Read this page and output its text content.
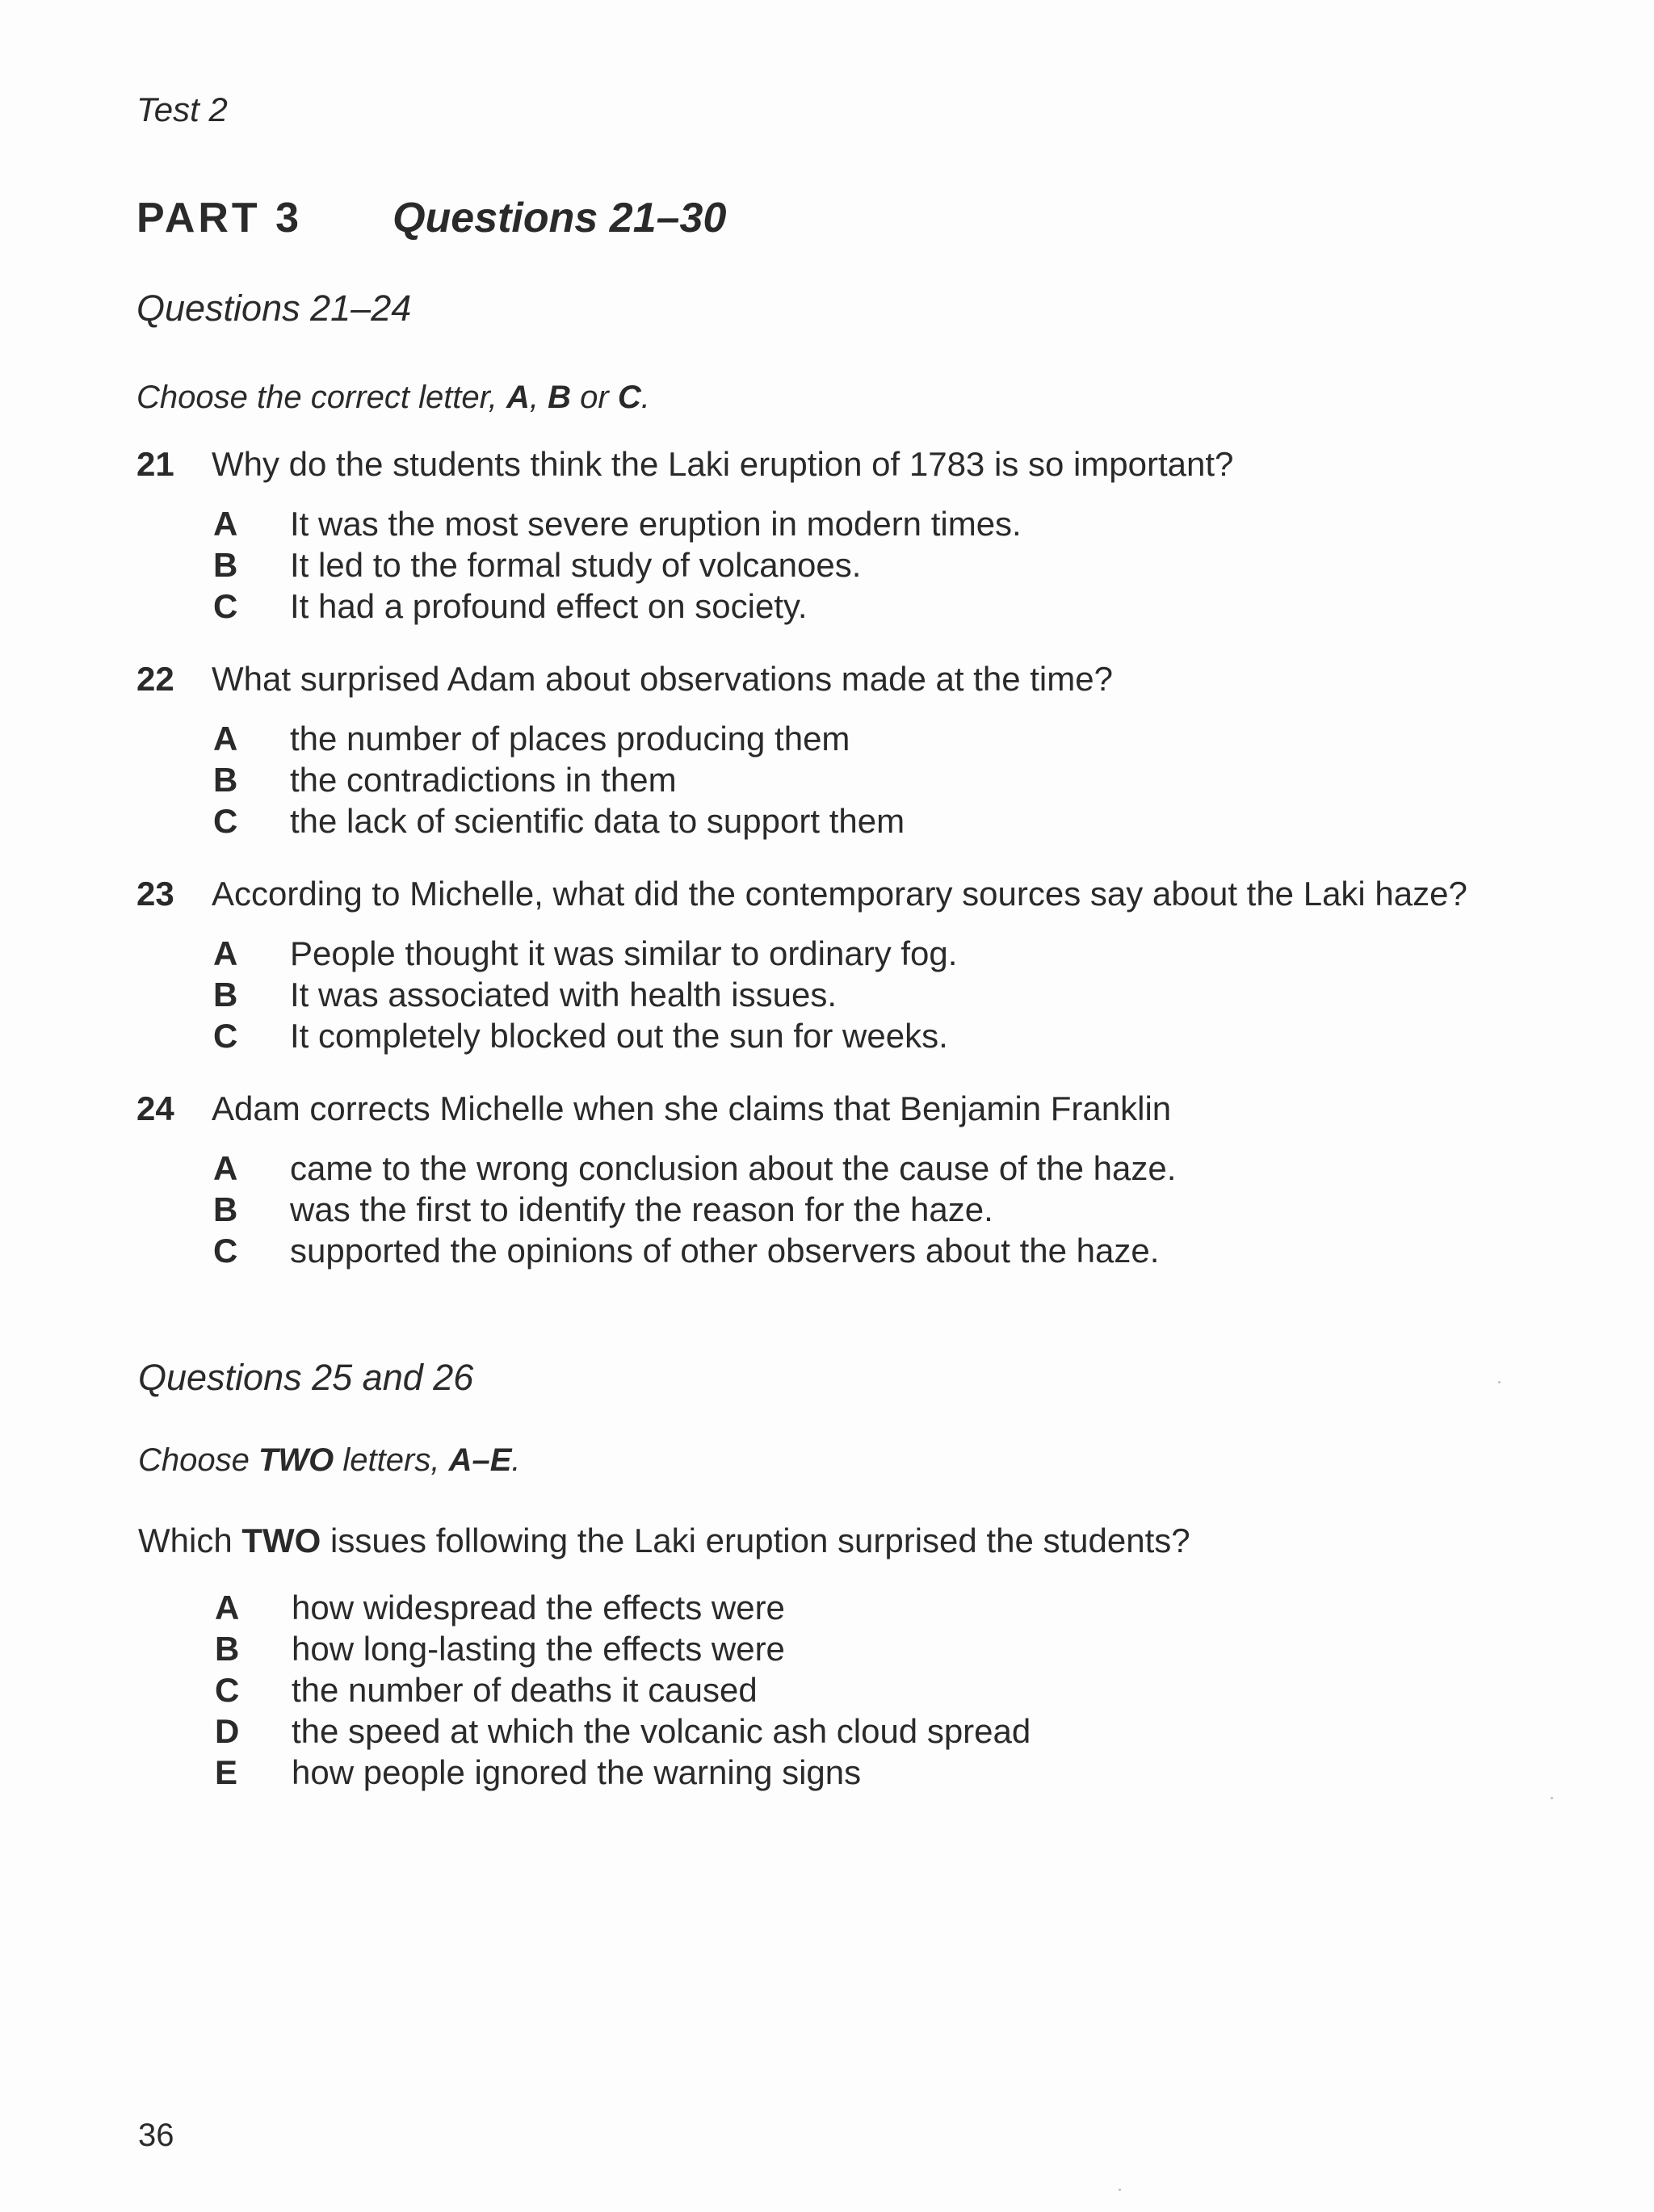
Test 2
PART 3 Questions 21–30
Questions 21–24
Choose the correct letter, A, B or C.
21	Why do the students think the Laki eruption of 1783 is so important?
A	It was the most severe eruption in modern times.
B	It led to the formal study of volcanoes.
C	It had a profound effect on society.
22	What surprised Adam about observations made at the time?
A	the number of places producing them
B	the contradictions in them
C	the lack of scientific data to support them
23	According to Michelle, what did the contemporary sources say about the Laki haze?
A	People thought it was similar to ordinary fog.
B	It was associated with health issues.
C	It completely blocked out the sun for weeks.
24	Adam corrects Michelle when she claims that Benjamin Franklin
A	came to the wrong conclusion about the cause of the haze.
B	was the first to identify the reason for the haze.
C	supported the opinions of other observers about the haze.
Questions 25 and 26
Choose TWO letters, A–E.
Which TWO issues following the Laki eruption surprised the students?
A	how widespread the effects were
B	how long-lasting the effects were
C	the number of deaths it caused
D	the speed at which the volcanic ash cloud spread
E	how people ignored the warning signs
36
